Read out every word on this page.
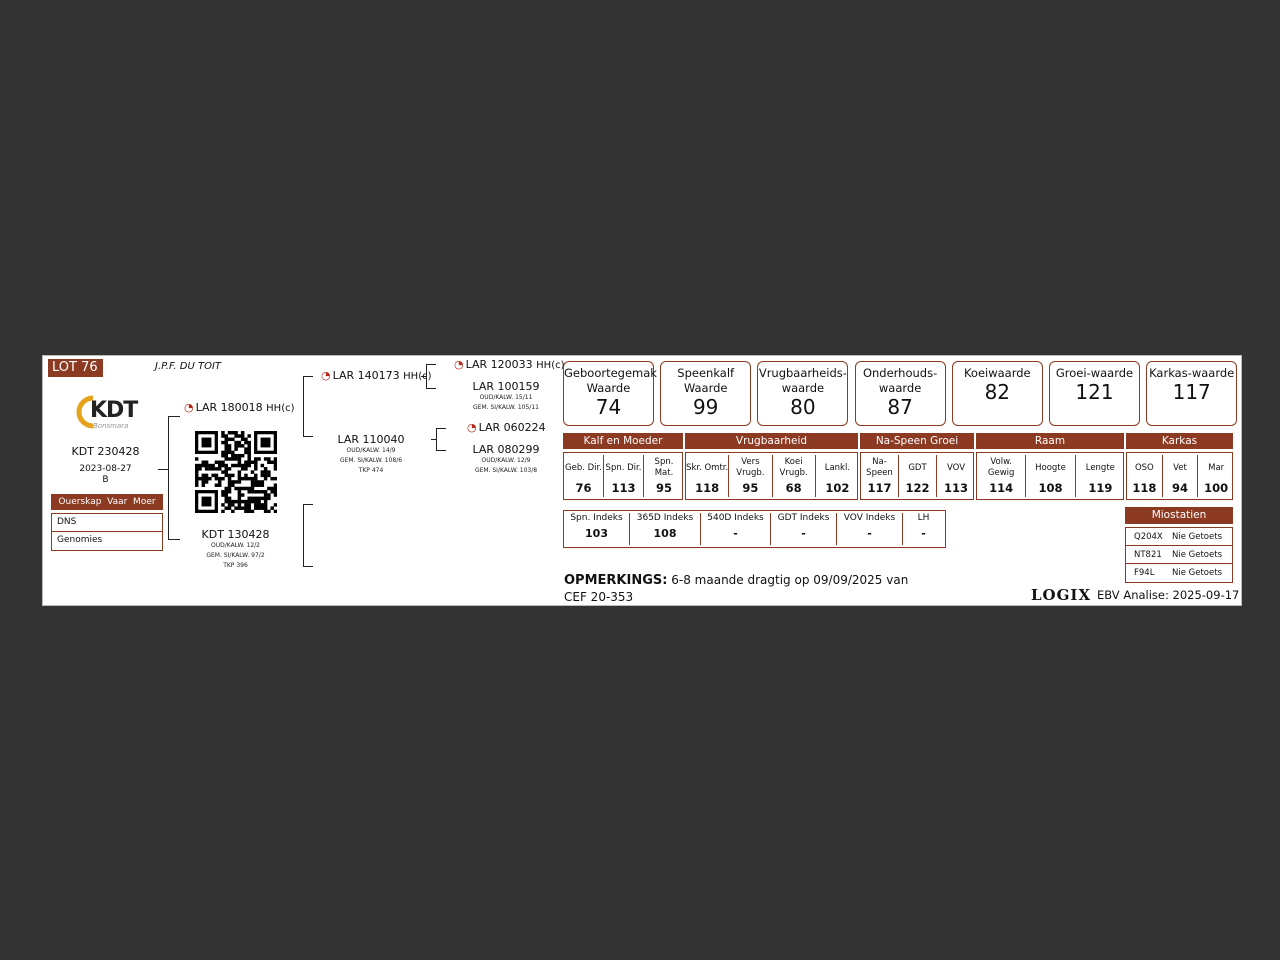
LOT 76	J.P.F. DU TOIT
KDT
Bonsmara
KDT 230428
2023-08-27
B
Ouerskap  Vaar  Moer
DNS
Genomies
◔ LAR 180018 HH(c)
KDT 130428
OUD/KALW. 12/2
GEM. SI/KALW. 97/2
TKP 396
◔ LAR 140173 HH(c)
LAR 110040
OUD/KALW. 14/9
GEM. SI/KALW. 108/6
TKP 474
◔ LAR 120033 HH(c)
LAR 100159
OUD/KALW. 15/11
GEM. SI/KALW. 105/11
◔ LAR 060224
LAR 080299
OUD/KALW. 12/9
GEM. SI/KALW. 103/8
Geboortegemak Waarde
74
Speenkalf Waarde
99
Vrugbaarheids-waarde
80
Onderhouds-waarde
87
Koeiwaarde
82
Groei-waarde
121
Karkas-waarde
117
Kalf en Moeder
Geb. Dir.
76
Spn. Dir.
113
Spn. Mat.
95
Vrugbaarheid
Skr. Omtr.
118
Vers Vrugb.
95
Koei Vrugb.
68
Lankl.
102
Na-Speen Groei
Na-Speen
117
GDT
122
VOV
113
Raam
Volw. Gewig
114
Hoogte
108
Lengte
119
Karkas
OSO
118
Vet
94
Mar
100
Spn. Indeks
103
365D Indeks
108
540D Indeks
-
GDT Indeks
-
VOV Indeks
-
LH
-
Miostatien
Q204X Nie Getoets
NT821 Nie Getoets
F94L Nie Getoets
OPMERKINGS: 6-8 maande dragtig op 09/09/2025 van CEF 20-353	LOGIX EBV Analise: 2025-09-17
